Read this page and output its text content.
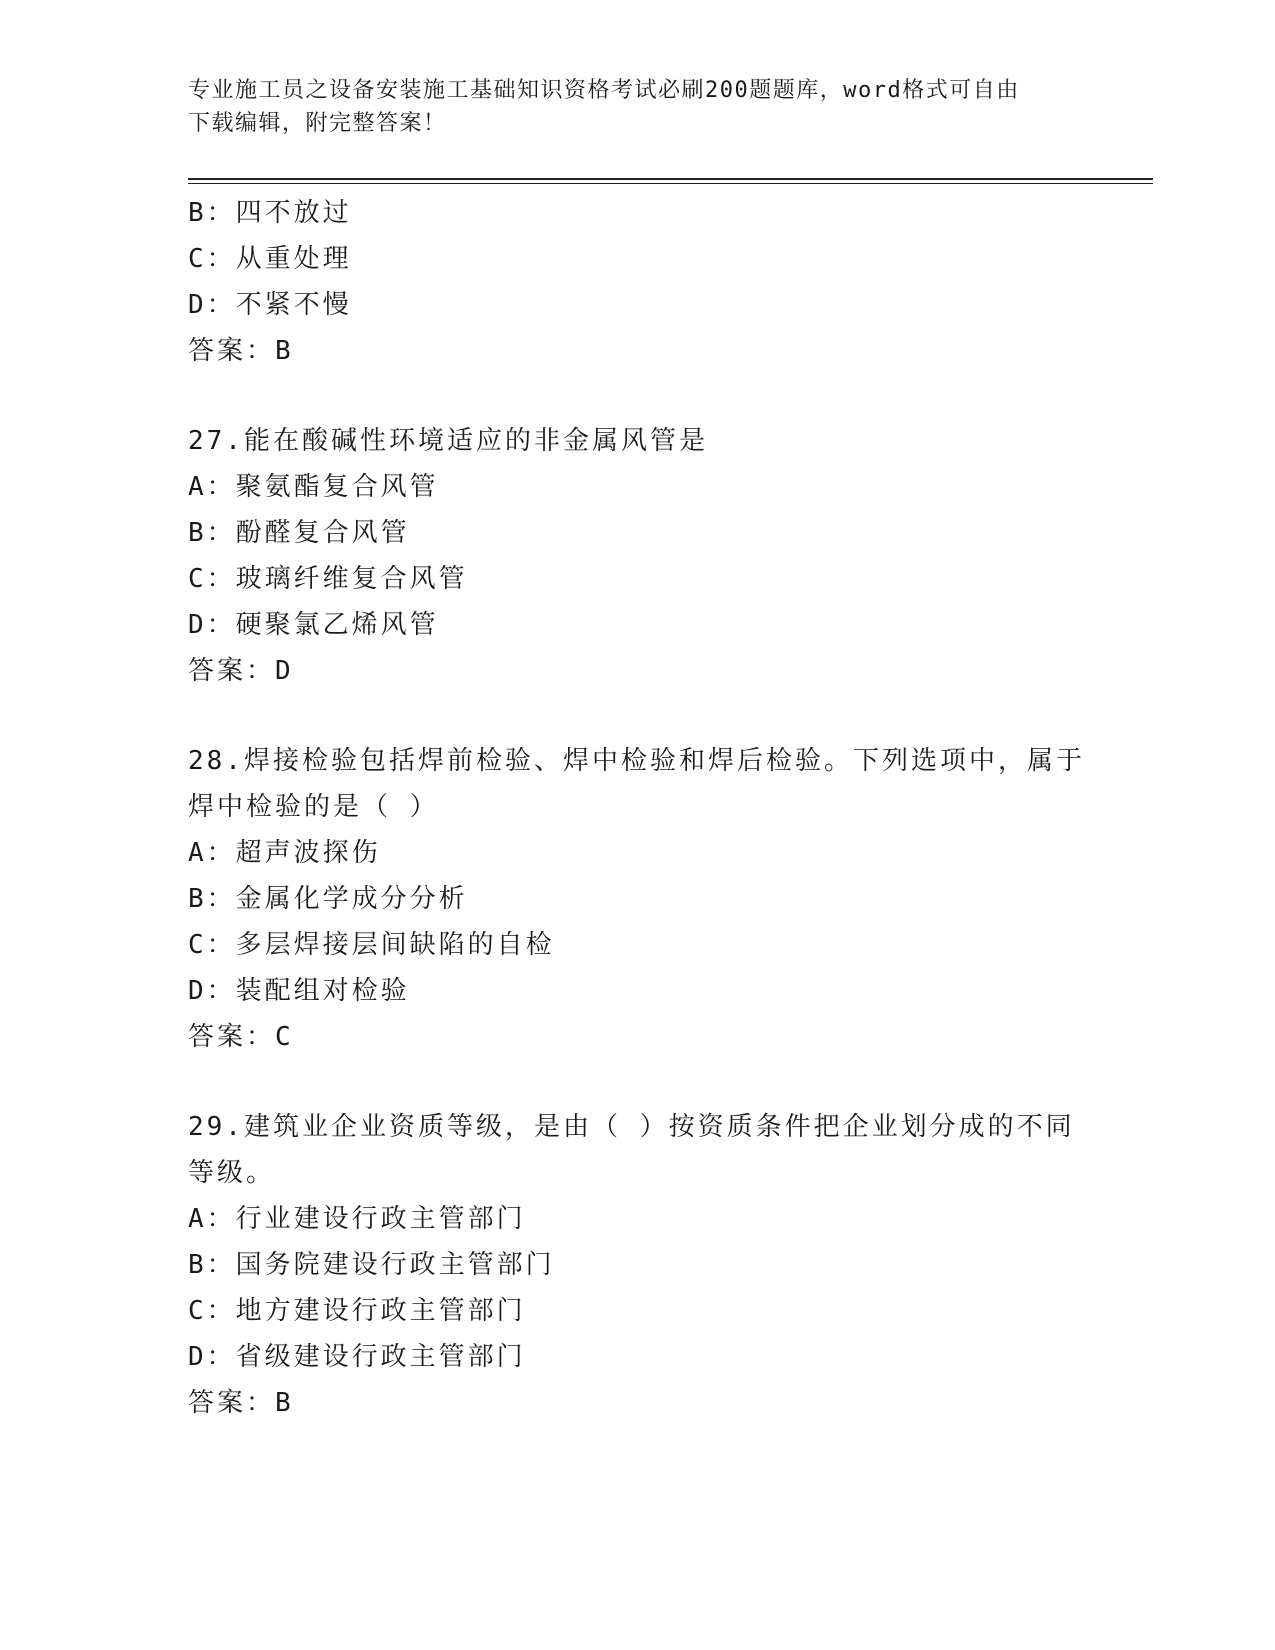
专业施工员之设备安装施工基础知识资格考试必刷200题题库，word格式可自由
下载编辑，附完整答案！
B：四不放过
C：从重处理
D：不紧不慢
答案：B
27.能在酸碱性环境适应的非金属风管是
A：聚氨酯复合风管
B：酚醛复合风管
C：玻璃纤维复合风管
D：硬聚氯乙烯风管
答案：D
28.焊接检验包括焊前检验、焊中检验和焊后检验。下列选项中，属于
焊中检验的是（ ）
A：超声波探伤
B：金属化学成分分析
C：多层焊接层间缺陷的自检
D：装配组对检验
答案：C
29.建筑业企业资质等级，是由（ ）按资质条件把企业划分成的不同
等级。
A：行业建设行政主管部门
B：国务院建设行政主管部门
C：地方建设行政主管部门
D：省级建设行政主管部门
答案：B
